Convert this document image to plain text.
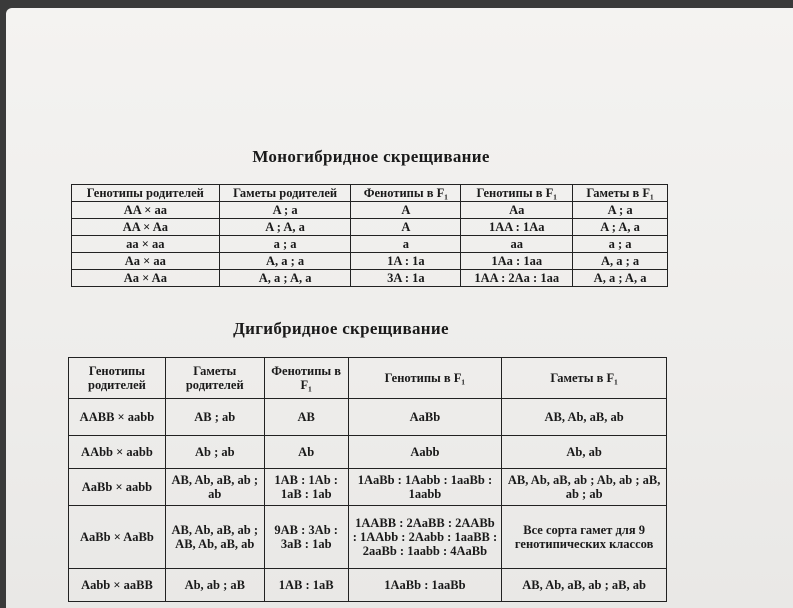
Моногибридное скрещивание
Генотипы родителей	Гаметы родителей	Фенотипы в F₁	Генотипы в F₁	Гаметы в F₁
AA × aa	A ; a	A	Aa	A ; a
AA × Aa	A ; A, a	A	1AA : 1Aa	A ; A, a
aa × aa	a ; a	a	aa	a ; a
Aa × aa	A, a ; a	1A : 1a	1Aa : 1aa	A, a ; a
Aa × Aa	A, a ; A, a	3A : 1a	1AA : 2Aa : 1aa	A, a ; A, a
Дигибридное скрещивание
Генотипы родителей	Гаметы родителей	Фенотипы в F₁	Генотипы в F₁	Гаметы в F₁
AABB × aabb	AB ; ab	AB	AaBb	AB, Ab, aB, ab
AAbb × aabb	Ab ; ab	Ab	Aabb	Ab, ab
AaBb × aabb	AB, Ab, aB, ab ; ab	1AB : 1Ab : 1aB : 1ab	1AaBb : 1Aabb : 1aaBb : 1aabb	AB, Ab, aB, ab ; Ab, ab ; aB, ab ; ab
AaBb × AaBb	AB, Ab, aB, ab ; AB, Ab, aB, ab	9AB : 3Ab : 3aB : 1ab	1AABB : 2AaBB : 2AABb : 1AAbb : 2Aabb : 1aaBB : 2aaBb : 1aabb : 4AaBb	Все сорта гамет для 9 генотипических классов
Aabb × aaBB	Ab, ab ; aB	1AB : 1aB	1AaBb : 1aaBb	AB, Ab, aB, ab ; aB, ab
